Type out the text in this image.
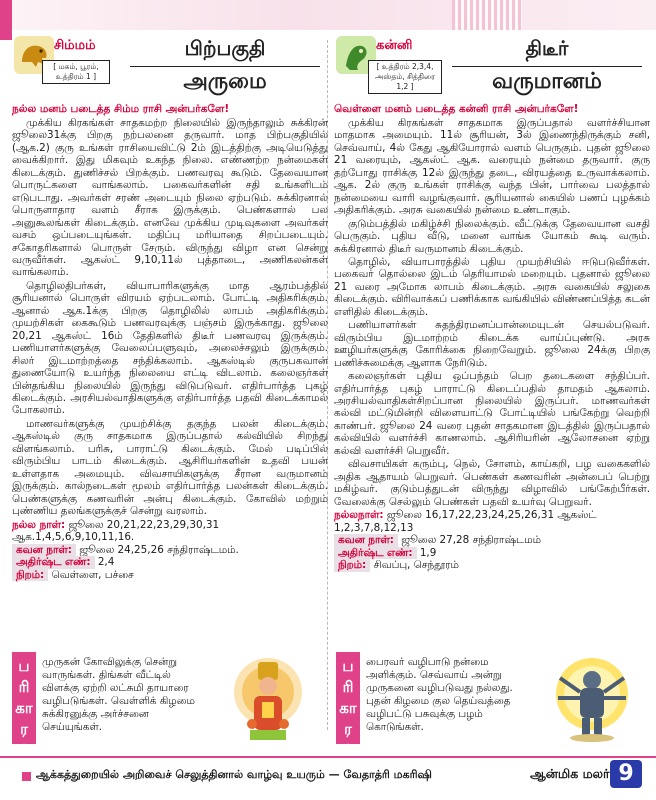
சிம்மம்
[ மகம், பூரம், உத்திரம் 1 ]
பிற்பகுதி
அருமை
நல்ல மனம் படைத்த சிம்ம ராசி அன்பர்களே!

முக்கிய கிரகங்கள் சாதகமற்ற நிலையில் இருந்தாலும் சுக்கிரன் ஜூலை31க்கு பிறகு நற்பலனை தருவார். மாத பிற்பகுதியில் (ஆக.2) குரு உங்கள் ராசியைவிட்டு 2ம் இடத்திற்கு அடியெடுத்து வைக்கிறார். இது மிகவும் உகந்த நிலை. எண்ணற்ற நன்மைகள் கிடைக்கும். துணிச்சல் பிறக்கும். பணவரவு கூடும். தேவையான பொருட்களை வாங்கலாம். பகைவர்களின் சதி உங்களிடம் எடுபடாது. அவர்கள் சரண் அடையும் நிலை ஏற்படும். சுக்கிரனால் பொருளாதார வளம் சீராக இருக்கும். பெண்களால் பல அனுகூலங்கள் கிடைக்கும். எனவே முக்கிய முடிவுகளை அவர்கள் வசம் ஒப்படையுங்கள். மதிப்பு மரியாதை சிறப்படையும். சகோதரிகளால் பொருள் சேரும். விருந்து விழா என சென்று வருவீர்கள். ஆகஸ்ட் 9,10,11ல் புத்தாடை, அணிகலன்கள் வாங்கலாம்.

தொழிலதிபர்கள், வியாபாரிகளுக்கு மாத ஆரம்பத்தில் சூரியனால் பொருள் விரயம் ஏற்படலாம். போட்டி அதிகரிக்கும். ஆனால் ஆக.1க்கு பிறகு தொழிலில் லாபம் அதிகரிக்கும். முயற்சிகள் கைகூடும் பணவரவுக்கு பஞ்சம் இருக்காது. ஜூலை 20,21 ஆகஸ்ட் 16ம் தேதிகளில் திடீர் பணவரவு இருக்கும். பணியாளர்களுக்கு வேலைப்பளுவும், அலைச்சலும் இருக்கும். சிலர் இடமாற்றத்தை சந்திக்கலாம். ஆகஸ்டில் குருபகவான் துணையோடு உயர்ந்த நிலையை எட்டி விடலாம். கலைஞர்கள் பின்தங்கிய நிலையில் இருந்து விடுபடுவர். எதிர்பார்த்த புகழ் கிடைக்கும். அரசியல்வாதிகளுக்கு எதிர்பார்த்த பதவி கிடைக்காமல் போகலாம்.

மாணவர்களுக்கு முயற்சிக்கு தகுந்த பலன் கிடைக்கும். ஆகஸ்டில் குரு சாதகமாக இருப்பதால் கல்வியில் சிறந்து விளங்கலாம். பரிசு, பாராட்டு கிடைக்கும். மேல் படிப்பில் விரும்பிய பாடம் கிடைக்கும். ஆசிரியர்களின் உதவி பயன் உள்ளதாக அமையும். விவசாயிகளுக்கு சீரான வருமானம் இருக்கும். கால்நடைகள் மூலம் எதிர்பார்த்த பலன்கள் கிடைக்கும். பெண்களுக்கு கணவரின் அன்பு கிடைக்கும். கோவில் மற்றும் புண்ணிய தலங்களுக்குச் சென்று வரலாம்.

நல்ல நாள்: ஜூலை 20,21,22,23,29,30,31 ஆக.1,4,5,6,9,10,11,16.
கவன நாள்: ஜூலை 24,25,26 சந்திராஷ்டமம்.
அதிர்ஷ்ட எண்: 2,4
நிறம்: வெள்ளை, பச்சை
கன்னி
[ உத்திரம் 2,3,4, அஸ்தம், சித்திரை 1,2 ]
திடீர்
வருமானம்
வெள்ளை மனம் படைத்த கன்னி ராசி அன்பர்களே!

முக்கிய கிரகங்கள் சாதகமாக இருப்பதால் வளர்ச்சியான மாதமாக அமையும். 11ல் சூரியன், 3ல் இணைந்திருக்கும் சனி, செவ்வாய், 4ல் கேது ஆகியோரால் வளம் பெருகும். புதன் ஜூலை 21 வரையும், ஆகஸ்ட் ஆக. வரையும் நன்மை தருவார். குரு தற்போது ராசிக்கு 12ல் இருந்து தடை, விரயத்தை உருவாக்கலாம். ஆக. 2ல் குரு உங்கள் ராசிக்கு வந்த பின், பார்வை பலத்தால் நன்மையை வாரி வழங்குவார். சூரியனால் கையில் பணப் புழக்கம் அதிகரிக்கும். அரசு வகையில் நன்மை உண்டாகும்.

குடும்பத்தில் மகிழ்ச்சி நிலைக்கும். வீட்டுக்கு தேவையான வசதி பெருகும். புதிய வீடு, மனை வாங்க யோகம் கூடி வரும். சுக்கிரனால் திடீர் வருமானம் கிடைக்கும்.

தொழில், வியாபாரத்தில் புதிய முயற்சியில் ஈடுபடுவீர்கள். பகைவர் தொல்லை இடம் தெரியாமல் மறையும். புதனால் ஜூலை 21 வரை அமோக லாபம் கிடைக்கும். அரசு வகையில் சலுகை கிடைக்கும். விரிவாக்கப் பணிக்காக வங்கியில் விண்ணப்பித்த கடன் எளிதில் கிடைக்கும்.

பணியாளர்கள் சுதந்திரமனப்பான்மையுடன் செயல்படுவர். விரும்பிய இடமாற்றம் கிடைக்க வாய்ப்புண்டு. அரசு ஊழியர்களுக்கு கோரிக்கை நிறைவேறும். ஜூலை 24க்கு பிறகு பணிச்சுமைக்கு ஆளாக நேரிடும்.

கலைஞர்கள் புதிய ஒப்பந்தம் பெற தடைகளை சந்திப்பர். எதிர்பார்த்த புகழ் பாராட்டு கிடைப்பதில் தாமதம் ஆகலாம். அரசியல்வாதிகள்சிறப்பான நிலையில் இருப்பர். மாணவர்கள் கல்வி மட்டுமின்றி விளையாட்டு போட்டியில் பங்கேற்று வெற்றி காண்பர். ஜூலை 24 வரை புதன் சாதகமான இடத்தில் இருப்பதால் கல்வியில் வளர்ச்சி காணலாம். ஆசிரியரின் ஆலோசனை ஏற்று கல்வி வளர்ச்சி பெறுவீர்.

விவசாயிகள் கரும்பு, நெல், சோளம், காய்கறி, பழ வகைகளில் அதிக ஆதாயம் பெறுவர். பெண்கள் கணவரின் அன்பைப் பெற்று மகிழ்வர். குடும்பத்துடன் விருந்து விழாவில் பங்கேற்பீர்கள். வேலைக்கு செல்லும் பெண்கள் பதவி உயர்வு பெறுவர்.

நல்லநாள்: ஜூலை 16,17,22,23,24,25,26,31 ஆகஸ்ட் 1,2,3,7,8,12,13
கவன நாள்: ஜூலை 27,28 சந்திராஷ்டமம்
அதிர்ஷ்ட எண்: 1,9
நிறம்: சிவப்பு, செந்தூரம்
ப
ரி
கா
ர
ம்
முருகன் கோவிலுக்கு சென்று வாருங்கள். திங்கள் வீட்டில் விளக்கு ஏற்றி லட்சுமி தாயாரை வழிபடுங்கள். வெள்ளிக் கிழமை சுக்கிரனுக்கு அர்ச்சனை செய்யுங்கள்.
ப
ரி
கா
ர
ம்
பைரவர் வழிபாடு நன்மை அளிக்கும். செவ்வாய் அன்று முருகனை வழிபடுவது நல்லது. புதன் கிழமை குல தெய்வத்தை வழிபட்டு பசுவுக்கு பழம் கொடுங்கள்.
ஆக்கத்துறையில் அறிவைச் செலுத்தினால் வாழ்வு உயரும் — வேதாத்ரி மகரிஷி	ஆன்மிக மலர் 9
